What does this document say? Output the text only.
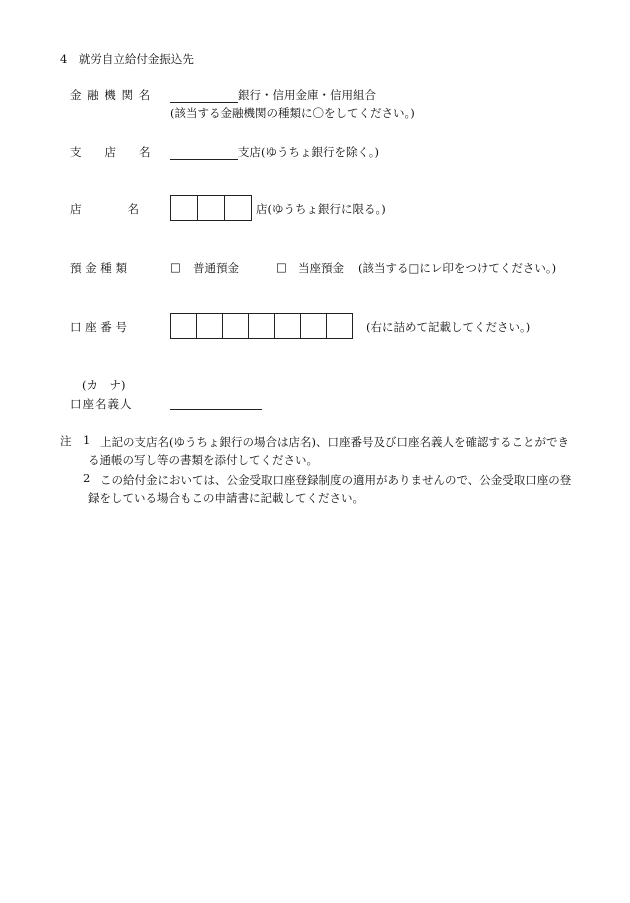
4　就労自立給付金振込先
金 融 機 関 名	銀行・信用金庫・信用組合
(該当する金融機関の種類に〇をしてください。)
支　　店　　名	支店(ゆうちょ銀行を除く。)
店　　　　名	店(ゆうちょ銀行に限る。)
預 金 種 類	□ 普通預金	□ 当座預金 (該当する□にレ印をつけてください。)
口 座 番 号	(右に詰めて記載してください。)
(カ　ナ)
口座名義人
注 1 上記の支店名(ゆうちょ銀行の場合は店名)、口座番号及び口座名義人を確認することができ
る通帳の写し等の書類を添付してください。
2 この給付金においては、公金受取口座登録制度の適用がありませんので、公金受取口座の登
録をしている場合もこの申請書に記載してください。
